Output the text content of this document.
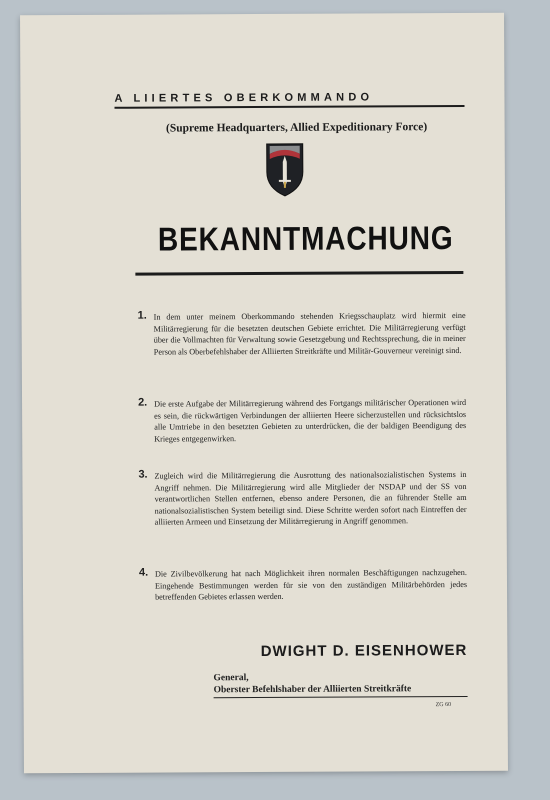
A LIIERTES OBERKOMMANDO
(Supreme Headquarters, Allied Expeditionary Force)
BEKANNTMACHUNG
1. In dem unter meinem Oberkommando stehenden Kriegsschauplatz wird hiermit eine Militärregierung für die besetzten deutschen Gebiete errichtet. Die Militärregierung verfügt über die Vollmachten für Verwaltung sowie Gesetzgebung und Rechtssprechung, die in meiner Person als Oberbefehlshaber der Alliierten Streitkräfte und Militär-Gouverneur vereinigt sind.
2. Die erste Aufgabe der Militärregierung während des Fortgangs militärischer Operationen wird es sein, die rückwärtigen Verbindungen der alliierten Heere sicherzustellen und rücksichtslos alle Umtriebe in den besetzten Gebieten zu unterdrücken, die der baldigen Beendigung des Krieges entgegenwirken.
3. Zugleich wird die Militärregierung die Ausrottung des nationalsozialistischen Systems in Angriff nehmen. Die Militärregierung wird alle Mitglieder der NSDAP und der SS von verantwortlichen Stellen entfernen, ebenso andere Personen, die an führender Stelle am nationalsozialistischen System beteiligt sind. Diese Schritte werden sofort nach Eintreffen der alliierten Armeen und Einsetzung der Militärregierung in Angriff genommen.
4. Die Zivilbevölkerung hat nach Möglichkeit ihren normalen Beschäftigungen nachzugehen. Eingehende Bestimmungen werden für sie von den zuständigen Militärbehörden jedes betreffenden Gebietes erlassen werden.
DWIGHT D. EISENHOWER
General,
Oberster Befehlshaber der Alliierten Streitkräfte
ZG 60
